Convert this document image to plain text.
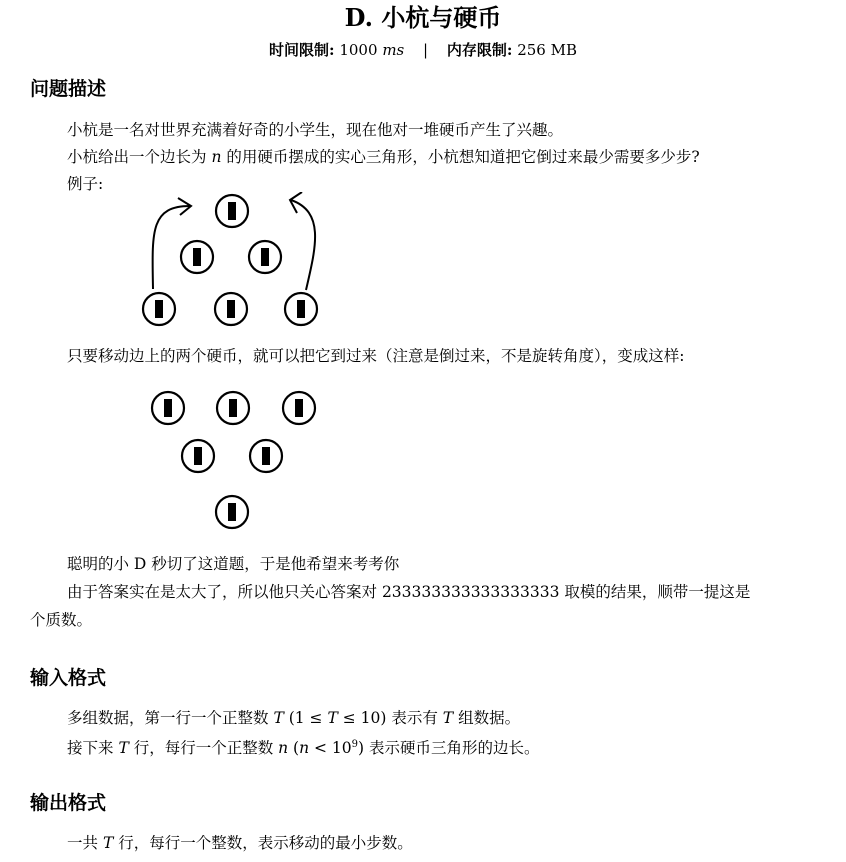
D. 小杭与硬币
时间限制: 1000 ms | 内存限制: 256 MB
问题描述
小杭是一名对世界充满着好奇的小学生，现在他对一堆硬币产生了兴趣。
小杭给出一个边长为 n 的用硬币摆成的实心三角形，小杭想知道把它倒过来最少需要多少步?
例子:
只要移动边上的两个硬币，就可以把它到过来（注意是倒过来，不是旋转角度），变成这样:
聪明的小 D 秒切了这道题，于是他希望来考考你
由于答案实在是太大了，所以他只关心答案对 233333333333333333 取模的结果，顺带一提这是
个质数。
输入格式
多组数据，第一行一个正整数 T (1 ≤ T ≤ 10) 表示有 T 组数据。
接下来 T 行，每行一个正整数 n $(n < 10^9)$ 表示硬币三角形的边长。
输出格式
一共 T 行，每行一个整数，表示移动的最小步数。
